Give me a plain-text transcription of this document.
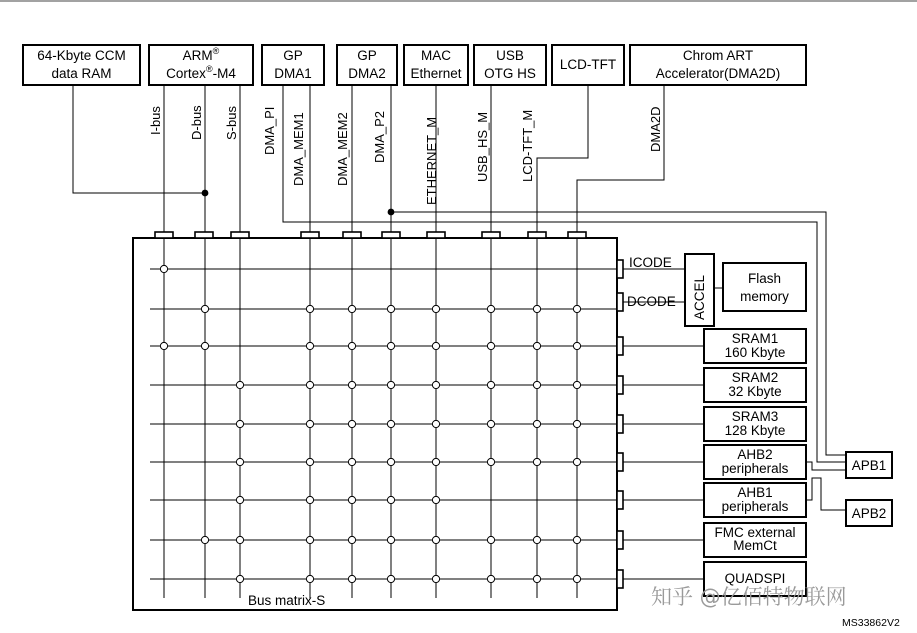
64-Kbyte CCM
data RAM
ARM®
Cortex®-M4
GP
DMA1
GP
DMA2
MAC
Ethernet
USB
OTG HS
LCD-TFT
Chrom ART
Accelerator(DMA2D)
I-bus D-bus S-bus DMA_PI DMA_MEM1 DMA_MEM2 DMA_P2	ETHERNET_M	USB_HS_M LCD-TFT_M	DMA2D
Bus matrix-S
ICODE
DCODE ACCEL	Flash
memory
SRAM1
160 Kbyte
SRAM2
32 Kbyte
SRAM3
128 Kbyte
AHB2
peripherals
AHB1
peripherals
FMC external
MemCt
QUADSPI
APB1
APB2
知乎 @亿佰特物联网
MS33862V2
